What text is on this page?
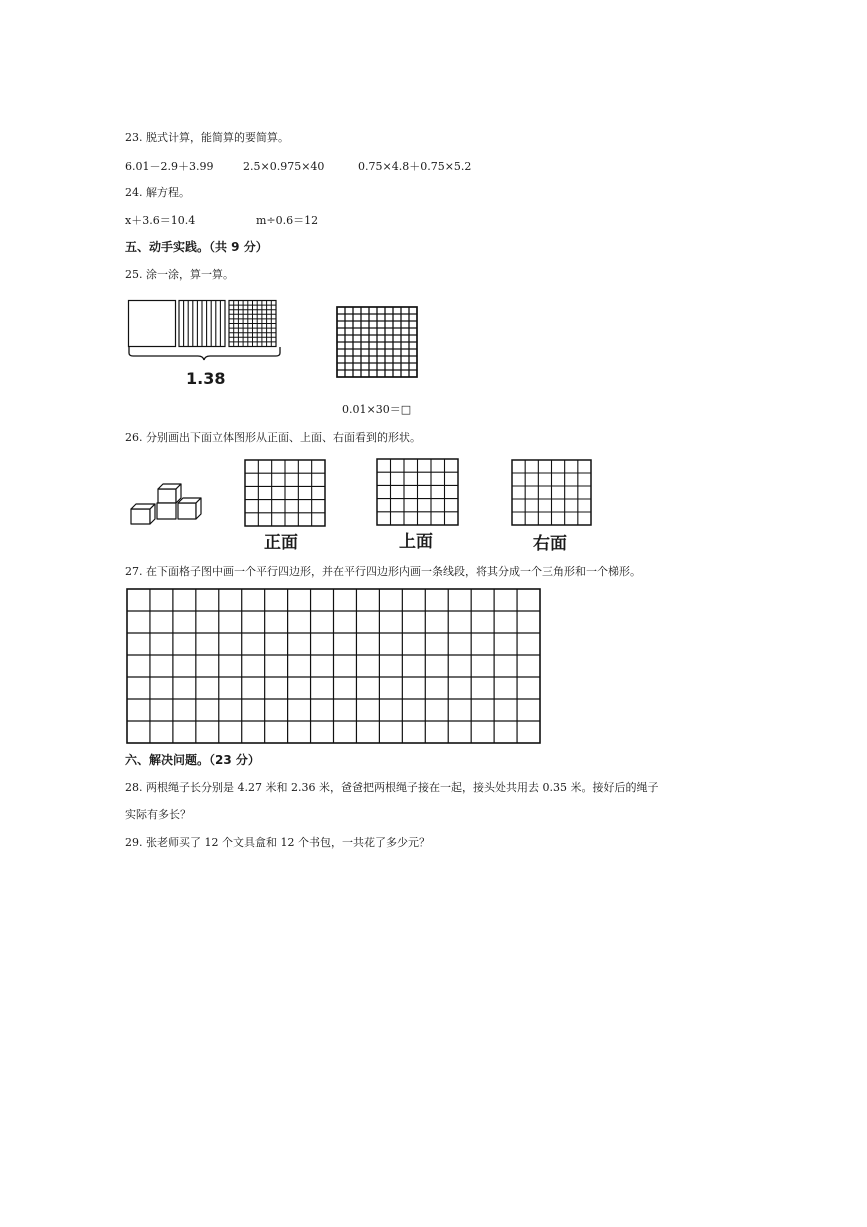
23. 脱式计算，能简算的要简算。
6.01－2.9＋3.99	2.5×0.975×40	0.75×4.8＋0.75×5.2
24. 解方程。
x＋3.6＝10.4	m÷0.6＝12
五、动手实践。（共 9 分）
25. 涂一涂，算一算。
1.38
0.01×30＝□
26. 分别画出下面立体图形从正面、上面、右面看到的形状。
正面	上面	右面
27. 在下面格子图中画一个平行四边形，并在平行四边形内画一条线段，将其分成一个三角形和一个梯形。
六、解决问题。（23 分）
28. 两根绳子长分别是 4.27 米和 2.36 米，爸爸把两根绳子接在一起，接头处共用去 0.35 米。接好后的绳子
实际有多长？
29. 张老师买了 12 个文具盒和 12 个书包，一共花了多少元？
